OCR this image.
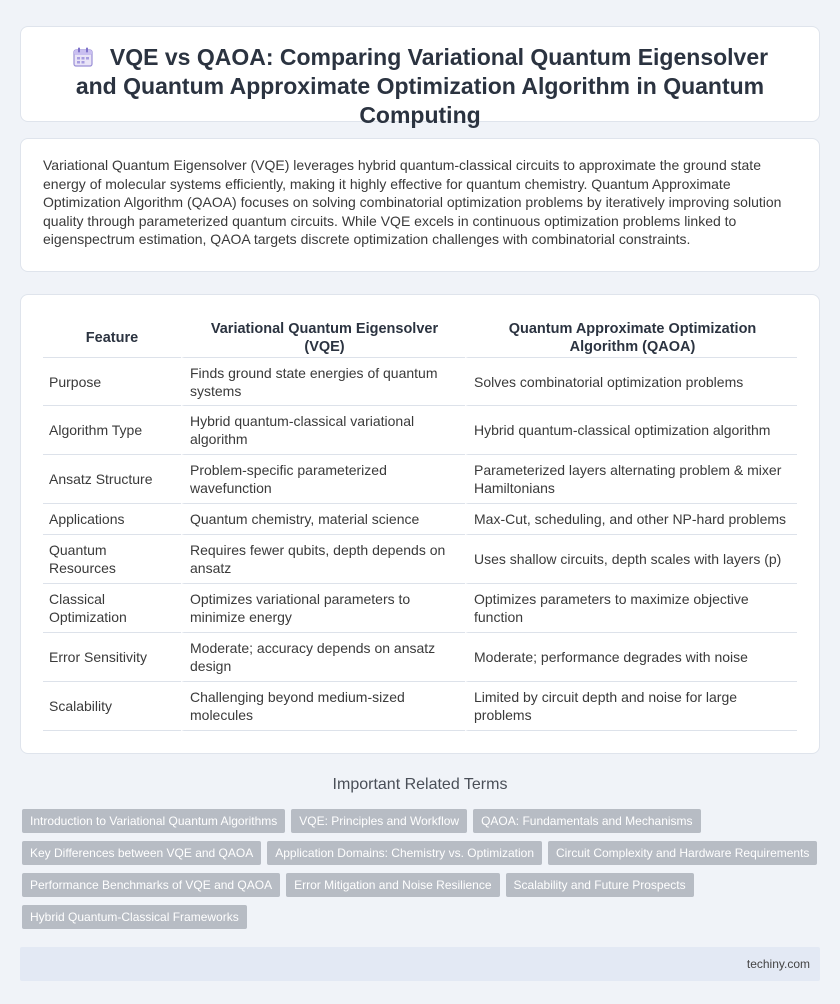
VQE vs QAOA: Comparing Variational Quantum Eigensolver and Quantum Approximate Optimization Algorithm in Quantum Computing

Variational Quantum Eigensolver (VQE) leverages hybrid quantum-classical circuits to approximate the ground state energy of molecular systems efficiently, making it highly effective for quantum chemistry. Quantum Approximate Optimization Algorithm (QAOA) focuses on solving combinatorial optimization problems by iteratively improving solution quality through parameterized quantum circuits. While VQE excels in continuous optimization problems linked to eigenspectrum estimation, QAOA targets discrete optimization challenges with combinatorial constraints.

Feature	Variational Quantum Eigensolver (VQE)	Quantum Approximate Optimization Algorithm (QAOA)
Purpose	Finds ground state energies of quantum systems	Solves combinatorial optimization problems
Algorithm Type	Hybrid quantum-classical variational algorithm	Hybrid quantum-classical optimization algorithm
Ansatz Structure	Problem-specific parameterized wavefunction	Parameterized layers alternating problem & mixer Hamiltonians
Applications	Quantum chemistry, material science	Max-Cut, scheduling, and other NP-hard problems
Quantum Resources	Requires fewer qubits, depth depends on ansatz	Uses shallow circuits, depth scales with layers (p)
Classical Optimization	Optimizes variational parameters to minimize energy	Optimizes parameters to maximize objective function
Error Sensitivity	Moderate; accuracy depends on ansatz design	Moderate; performance degrades with noise
Scalability	Challenging beyond medium-sized molecules	Limited by circuit depth and noise for large problems
Important Related Terms
Introduction to Variational Quantum Algorithms	VQE: Principles and Workflow	QAOA: Fundamentals and Mechanisms
Key Differences between VQE and QAOA	Application Domains: Chemistry vs. Optimization	Circuit Complexity and Hardware Requirements
Performance Benchmarks of VQE and QAOA	Error Mitigation and Noise Resilience	Scalability and Future Prospects
Hybrid Quantum-Classical Frameworks
techiny.com
